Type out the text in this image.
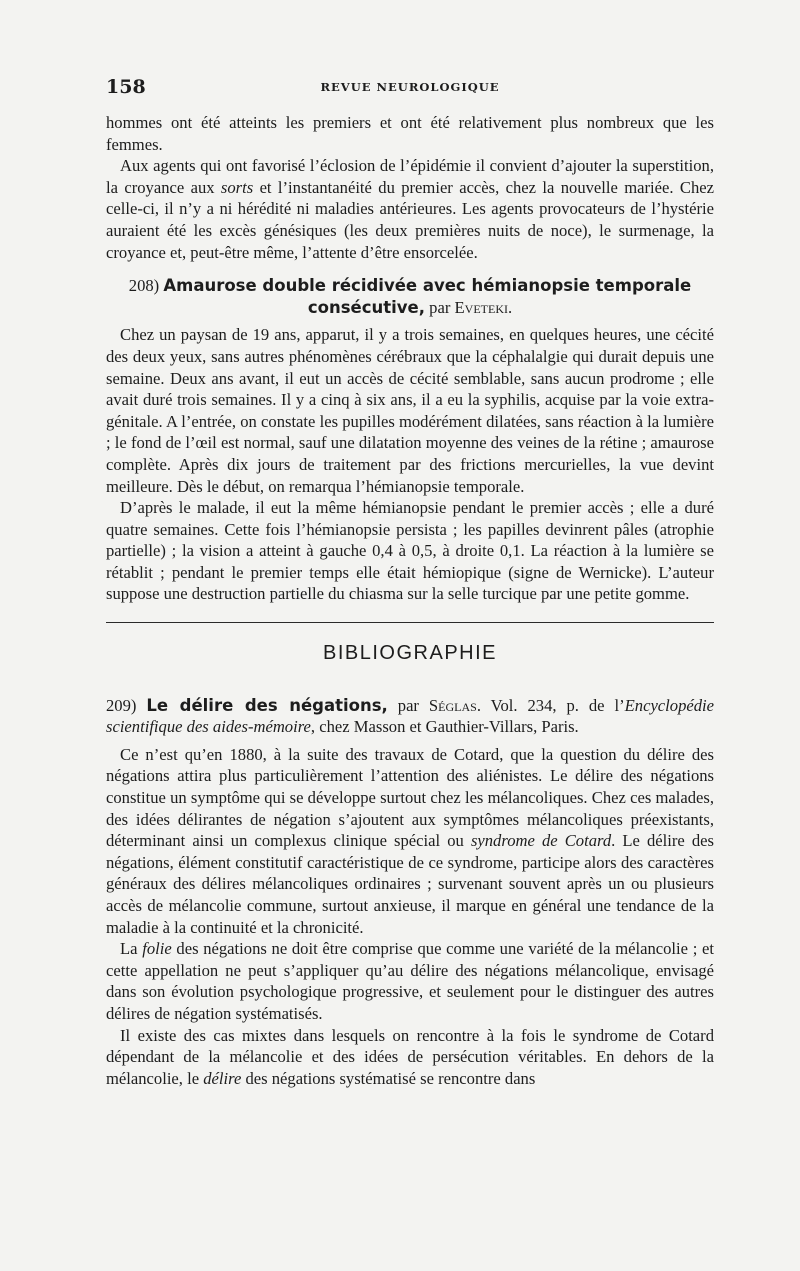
158	REVUE NEUROLOGIQUE

hommes ont été atteints les premiers et ont été relativement plus nombreux que les femmes.

Aux agents qui ont favorisé l’éclosion de l’épidémie il convient d’ajouter la superstition, la croyance aux sorts et l’instantanéité du premier accès, chez la nouvelle mariée. Chez celle-ci, il n’y a ni hérédité ni maladies antérieures. Les agents provocateurs de l’hystérie auraient été les excès génésiques (les deux premières nuits de noce), le surmenage, la croyance et, peut-être même, l’attente d’être ensorcelée.

208) Amaurose double récidivée avec hémianopsie temporale consécutive, par Eveteki.

Chez un paysan de 19 ans, apparut, il y a trois semaines, en quelques heures, une cécité des deux yeux, sans autres phénomènes cérébraux que la céphalalgie qui durait depuis une semaine. Deux ans avant, il eut un accès de cécité semblable, sans aucun prodrome ; elle avait duré trois semaines. Il y a cinq à six ans, il a eu la syphilis, acquise par la voie extra-génitale. A l’entrée, on constate les pupilles modérément dilatées, sans réaction à la lumière ; le fond de l’œil est normal, sauf une dilatation moyenne des veines de la rétine ; amaurose complète. Après dix jours de traitement par des frictions mercurielles, la vue devint meilleure. Dès le début, on remarqua l’hémianopsie temporale.

D’après le malade, il eut la même hémianopsie pendant le premier accès ; elle a duré quatre semaines. Cette fois l’hémianopsie persista ; les papilles devinrent pâles (atrophie partielle) ; la vision a atteint à gauche 0,4 à 0,5, à droite 0,1. La réaction à la lumière se rétablit ; pendant le premier temps elle était hémiopique (signe de Wernicke). L’auteur suppose une destruction partielle du chiasma sur la selle turcique par une petite gomme.

BIBLIOGRAPHIE

209) Le délire des négations, par Séglas. Vol. 234, p. de l’Encyclopédie scientifique des aides-mémoire, chez Masson et Gauthier-Villars, Paris.

Ce n’est qu’en 1880, à la suite des travaux de Cotard, que la question du délire des négations attira plus particulièrement l’attention des aliénistes. Le délire des négations constitue un symptôme qui se développe surtout chez les mélancoliques. Chez ces malades, des idées délirantes de négation s’ajoutent aux symptômes mélancoliques préexistants, déterminant ainsi un complexus clinique spécial ou syndrome de Cotard. Le délire des négations, élément constitutif caractéristique de ce syndrome, participe alors des caractères généraux des délires mélancoliques ordinaires ; survenant souvent après un ou plusieurs accès de mélancolie commune, surtout anxieuse, il marque en général une tendance de la maladie à la continuité et la chronicité.

La folie des négations ne doit être comprise que comme une variété de la mélancolie ; et cette appellation ne peut s’appliquer qu’au délire des négations mélancolique, envisagé dans son évolution psychologique progressive, et seulement pour le distinguer des autres délires de négation systématisés.

Il existe des cas mixtes dans lesquels on rencontre à la fois le syndrome de Cotard dépendant de la mélancolie et des idées de persécution véritables. En dehors de la mélancolie, le délire des négations systématisé se rencontre dans
